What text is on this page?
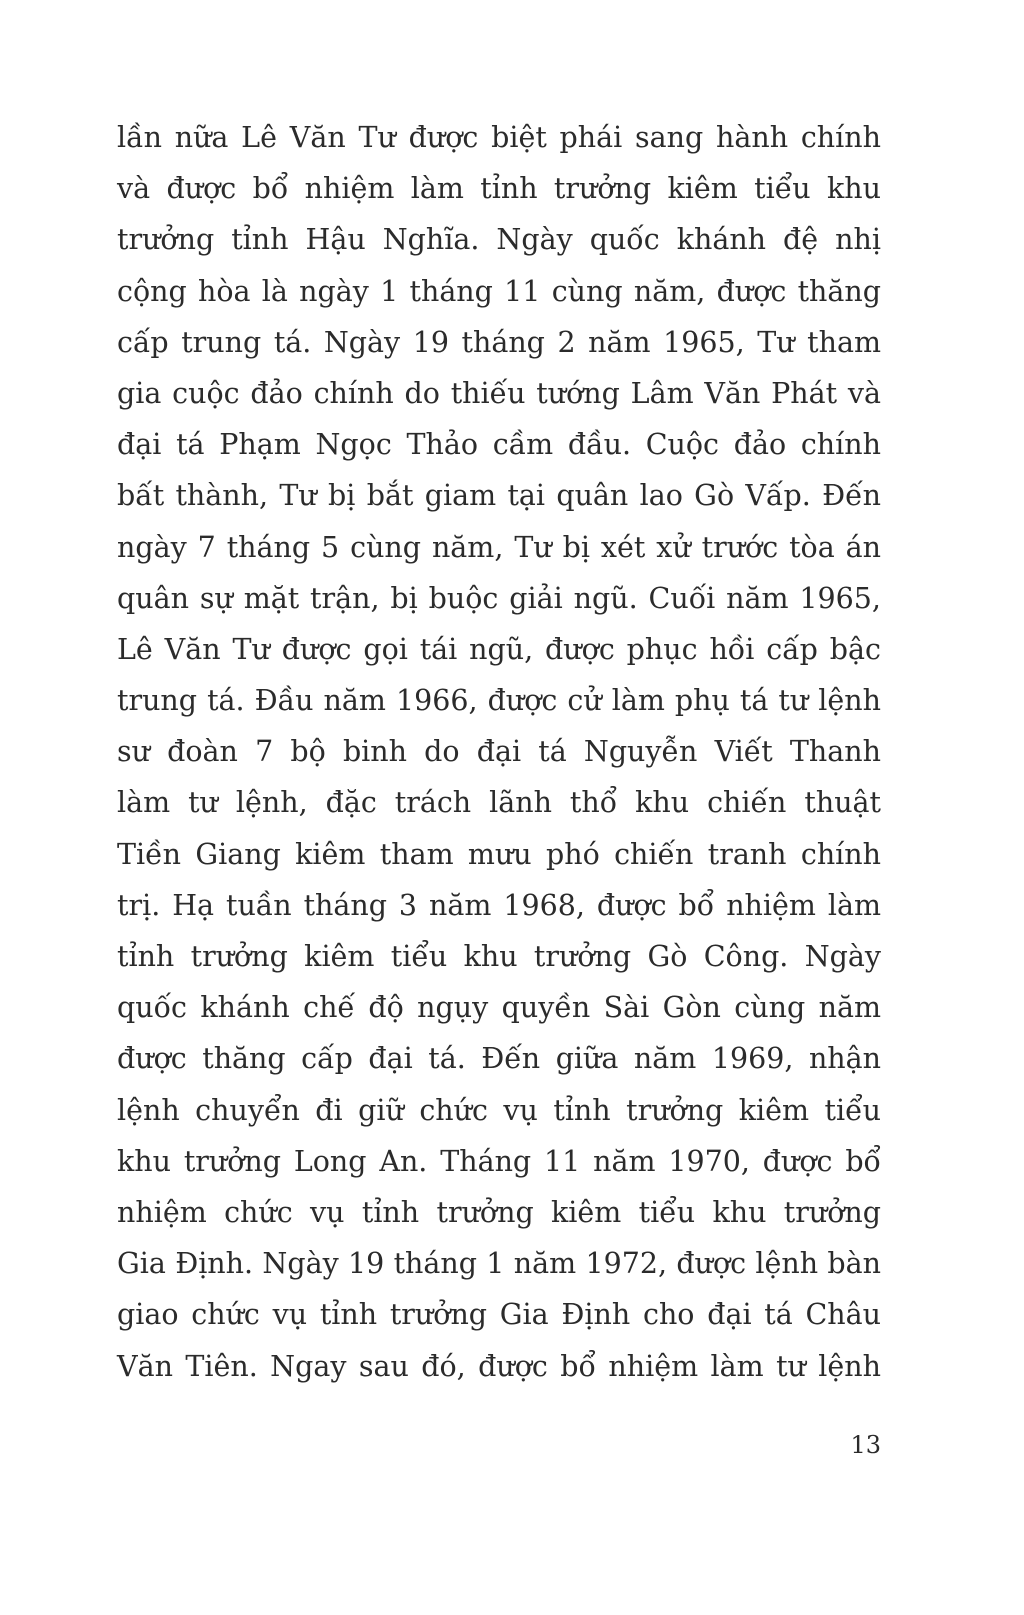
lần nữa Lê Văn Tư được biệt phái sang hành chính
và được bổ nhiệm làm tỉnh trưởng kiêm tiểu khu
trưởng tỉnh Hậu Nghĩa. Ngày quốc khánh đệ nhị
cộng hòa là ngày 1 tháng 11 cùng năm, được thăng
cấp trung tá. Ngày 19 tháng 2 năm 1965, Tư tham
gia cuộc đảo chính do thiếu tướng Lâm Văn Phát và
đại tá Phạm Ngọc Thảo cầm đầu. Cuộc đảo chính
bất thành, Tư bị bắt giam tại quân lao Gò Vấp. Đến
ngày 7 tháng 5 cùng năm, Tư bị xét xử trước tòa án
quân sự mặt trận, bị buộc giải ngũ. Cuối năm 1965,
Lê Văn Tư được gọi tái ngũ, được phục hồi cấp bậc
trung tá. Đầu năm 1966, được cử làm phụ tá tư lệnh
sư đoàn 7 bộ binh do đại tá Nguyễn Viết Thanh
làm tư lệnh, đặc trách lãnh thổ khu chiến thuật
Tiền Giang kiêm tham mưu phó chiến tranh chính
trị. Hạ tuần tháng 3 năm 1968, được bổ nhiệm làm
tỉnh trưởng kiêm tiểu khu trưởng Gò Công. Ngày
quốc khánh chế độ ngụy quyền Sài Gòn cùng năm
được thăng cấp đại tá. Đến giữa năm 1969, nhận
lệnh chuyển đi giữ chức vụ tỉnh trưởng kiêm tiểu
khu trưởng Long An. Tháng 11 năm 1970, được bổ
nhiệm chức vụ tỉnh trưởng kiêm tiểu khu trưởng
Gia Định. Ngày 19 tháng 1 năm 1972, được lệnh bàn
giao chức vụ tỉnh trưởng Gia Định cho đại tá Châu
Văn Tiên. Ngay sau đó, được bổ nhiệm làm tư lệnh
13
